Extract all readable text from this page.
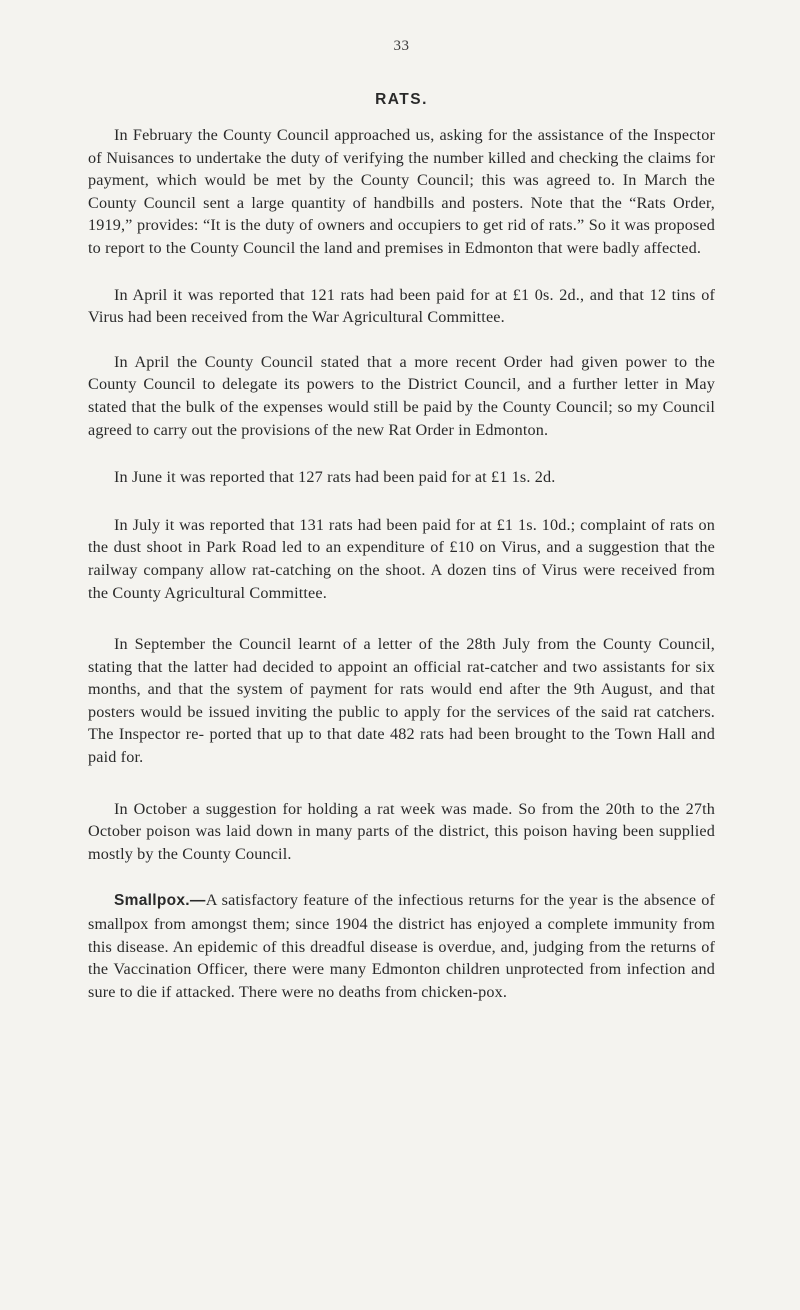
33
RATS.

In February the County Council approached us, asking for the assistance of the Inspector of Nuisances to undertake the duty of verifying the number killed and checking the claims for payment, which would be met by the County Council; this was agreed to. In March the County Council sent a large quantity of handbills and posters. Note that the “Rats Order, 1919,” provides: “It is the duty of owners and occupiers to get rid of rats.” So it was proposed to report to the County Council the land and premises in Edmonton that were badly affected.

In April it was reported that 121 rats had been paid for at £1 0s. 2d., and that 12 tins of Virus had been received from the War Agricultural Committee.

In April the County Council stated that a more recent Order had given power to the County Council to delegate its powers to the District Council, and a further letter in May stated that the bulk of the expenses would still be paid by the County Council; so my Council agreed to carry out the provisions of the new Rat Order in Edmonton.

In June it was reported that 127 rats had been paid for at £1 1s. 2d.

In July it was reported that 131 rats had been paid for at £1 1s. 10d.; complaint of rats on the dust shoot in Park Road led to an expenditure of £10 on Virus, and a suggestion that the railway company allow rat-catching on the shoot. A dozen tins of Virus were received from the County Agricultural Committee.

In September the Council learnt of a letter of the 28th July from the County Council, stating that the latter had decided to appoint an official rat-catcher and two assistants for six months, and that the system of payment for rats would end after the 9th August, and that posters would be issued inviting the public to apply for the services of the said rat catchers. The Inspector re- ported that up to that date 482 rats had been brought to the Town Hall and paid for.

In October a suggestion for holding a rat week was made. So from the 20th to the 27th October poison was laid down in many parts of the district, this poison having been supplied mostly by the County Council.

Smallpox.—A satisfactory feature of the infectious returns for the year is the absence of smallpox from amongst them; since 1904 the district has enjoyed a complete immunity from this disease. An epidemic of this dreadful disease is overdue, and, judging from the returns of the Vaccination Officer, there were many Edmonton children unprotected from infection and sure to die if attacked. There were no deaths from chicken-pox.
